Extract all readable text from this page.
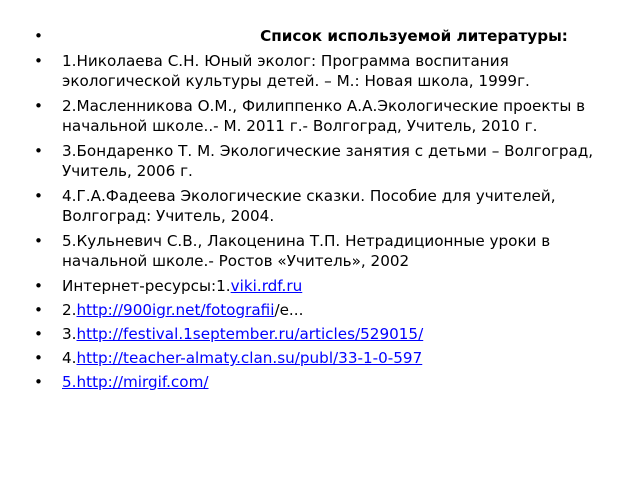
•	Список используемой литературы:
•	1.Николаева С.Н. Юный эколог: Программа воспитания экологической культуры детей. – М.: Новая школа, 1999г.
•	2.Масленникова О.М., Филиппенко А.А.Экологические проекты в начальной школе..- М. 2011 г.- Волгоград, Учитель, 2010 г.
•	3.Бондаренко Т. М. Экологические занятия с детьми – Волгоград, Учитель, 2006 г.
•	4.Г.А.Фадеева Экологические сказки. Пособие для учителей, Волгоград: Учитель, 2004.
•	5.Кульневич С.В., Лакоценина Т.П. Нетрадиционные уроки в начальной школе.- Ростов «Учитель», 2002
•	Интернет-ресурсы:1.viki.rdf.ru
•	2.http://900igr.net/fotografii/е...
•	3.http://festival.1september.ru/articles/529015/
•	4.http://teacher-almaty.clan.su/publ/33-1-0-597
•	5.http://mirgif.com/
